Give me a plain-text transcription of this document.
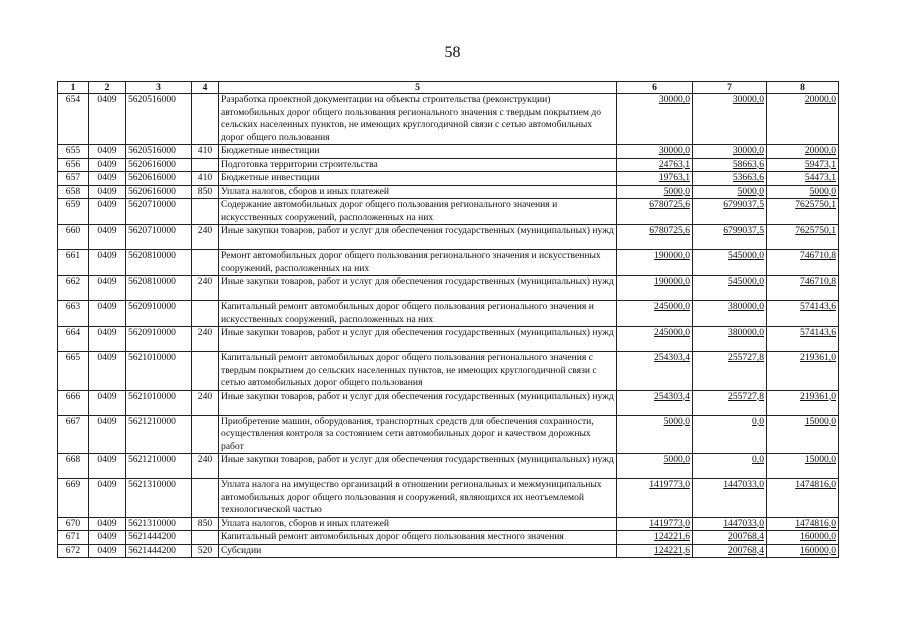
58
1	2	3	4	5	6	7	8
654	0409	5620516000		Разработка проектной документации на объекты строительства (реконструкции) автомобильных дорог общего пользования регионального значения с твердым покрытием до сельских населенных пунктов, не имеющих круглогодичной связи с сетью автомобильных дорог общего пользования	30000,0	30000,0	20000,0
655	0409	5620516000	410	Бюджетные инвестиции	30000,0	30000,0	20000,0
656	0409	5620616000		Подготовка территории строительства	24763,1	58663,6	59473,1
657	0409	5620616000	410	Бюджетные инвестиции	19763,1	53663,6	54473,1
658	0409	5620616000	850	Уплата налогов, сборов и иных платежей	5000,0	5000,0	5000,0
659	0409	5620710000		Содержание автомобильных дорог общего пользования регионального значения и искусственных сооружений, расположенных на них	6780725,6	6799037,5	7625750,1
660	0409	5620710000	240	Иные закупки товаров, работ и услуг для обеспечения государственных (муниципальных) нужд	6780725,6	6799037,5	7625750,1
661	0409	5620810000		Ремонт автомобильных дорог общего пользования регионального значения и искусственных сооружений, расположенных на них	190000,0	545000,0	746710,8
662	0409	5620810000	240	Иные закупки товаров, работ и услуг для обеспечения государственных (муниципальных) нужд	190000,0	545000,0	746710,8
663	0409	5620910000		Капитальный ремонт автомобильных дорог общего пользования регионального значения и искусственных сооружений, расположенных на них	245000,0	380000,0	574143,6
664	0409	5620910000	240	Иные закупки товаров, работ и услуг для обеспечения государственных (муниципальных) нужд	245000,0	380000,0	574143,6
665	0409	5621010000		Капитальный ремонт автомобильных дорог общего пользования регионального значения с твердым покрытием до сельских населенных пунктов, не имеющих круглогодичной связи с сетью автомобильных дорог общего пользования	254303,4	255727,8	219361,0
666	0409	5621010000	240	Иные закупки товаров, работ и услуг для обеспечения государственных (муниципальных) нужд	254303,4	255727,8	219361,0
667	0409	5621210000		Приобретение машин, оборудования, транспортных средств для обеспечения сохранности, осуществления контроля за состоянием сети автомобильных дорог и качеством дорожных работ	5000,0	0,0	15000,0
668	0409	5621210000	240	Иные закупки товаров, работ и услуг для обеспечения государственных (муниципальных) нужд	5000,0	0,0	15000,0
669	0409	5621310000		Уплата налога на имущество организаций в отношении региональных и межмуниципальных автомобильных дорог общего пользования и сооружений, являющихся их неотъемлемой технологической частью	1419773,0	1447033,0	1474816,0
670	0409	5621310000	850	Уплата налогов, сборов и иных платежей	1419773,0	1447033,0	1474816,0
671	0409	5621444200		Капитальный ремонт автомобильных дорог общего пользования местного значения	124221,6	200768,4	160000,0
672	0409	5621444200	520	Субсидии	124221,6	200768,4	160000,0
